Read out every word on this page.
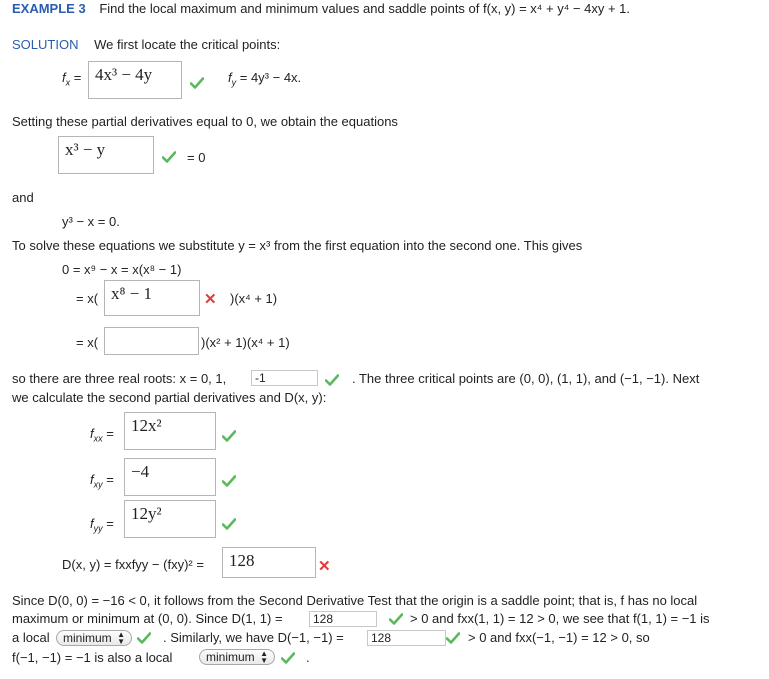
EXAMPLE 3 Find the local maximum and minimum values and saddle points of f(x, y) = x⁴ + y⁴ − 4xy + 1.
SOLUTION We first locate the critical points:
$f_x = 4x^3 - 4y$	$f_y = 4y^3 - 4x$.
Setting these partial derivatives equal to 0, we obtain the equations
x³ − y	= 0
and
y³ − x = 0.
To solve these equations we substitute y = x³ from the first equation into the second one. This gives
0 = x⁹ − x = x(x⁸ − 1)
= x( x⁸ − 1	✕ )(x⁴ + 1)
= x(	)(x² + 1)(x⁴ + 1)
so there are three real roots: x = 0, 1,	-1	. The three critical points are (0, 0), (1, 1), and (−1, −1). Next
we calculate the second partial derivatives and D(x, y):
$f_{xx}$ =	12x²
$f_{xy}$ =	−4
$f_{yy}$ =
12y²
D(x, y) = fxxfyy − (fxy)² =	128	✕
Since D(0, 0) = −16 < 0, it follows from the Second Derivative Test that the origin is a saddle point; that is, f has no local
maximum or minimum at (0, 0). Since D(1, 1) =	128	> 0 and fxx(1, 1) = 12 > 0, we see that f(1, 1) = −1 is
a local	minimum ▲
▼	. Similarly, we have D(−1, −1) =	128	> 0 and fxx(−1, −1) = 12 > 0, so
f(−1, −1) = −1 is also a local	minimum ▲
▼	.
